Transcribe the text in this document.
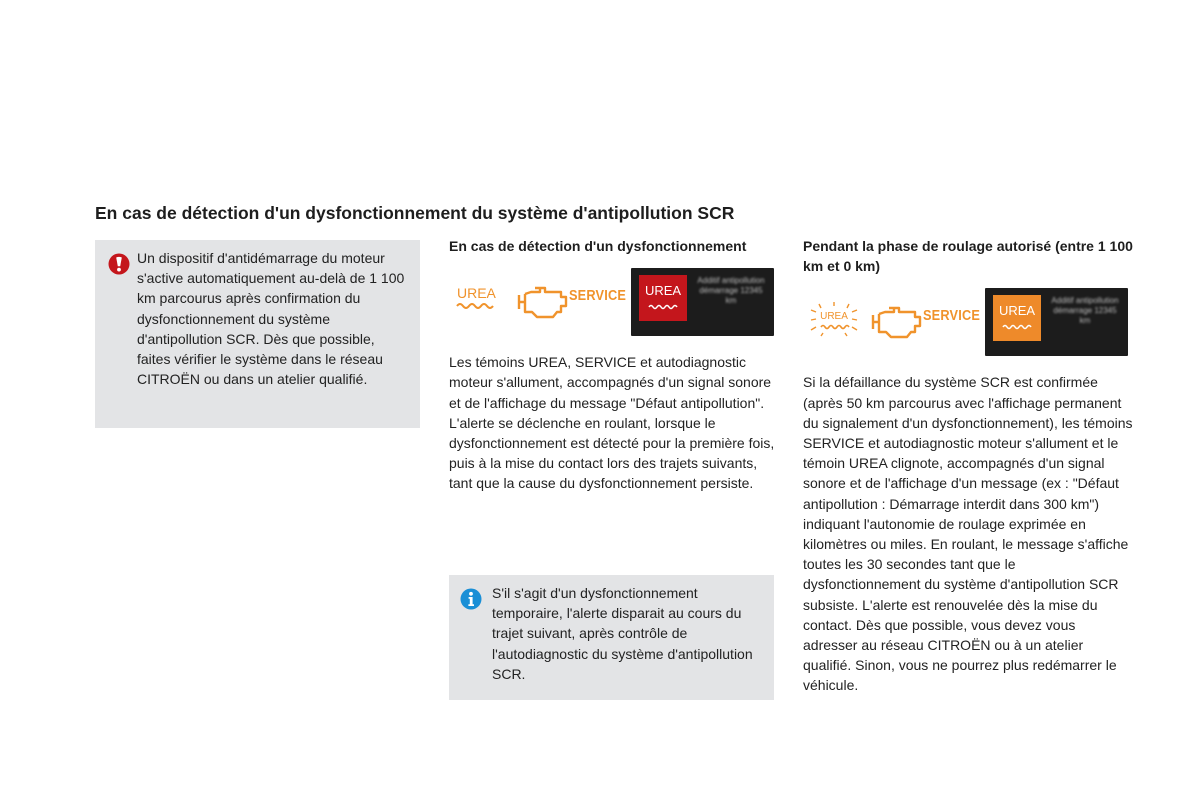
En cas de détection d'un dysfonctionnement du système d'antipollution SCR
Un dispositif d'antidémarrage du moteur s'active automatiquement au-delà de 1 100 km parcourus après confirmation du dysfonctionnement du système d'antipollution SCR. Dès que possible, faites vérifier le système dans le réseau CITROËN ou dans un atelier qualifié.
En cas de détection d'un dysfonctionnement
UREA	SERVICE UREA
Additif antipollution démarrage 12345 km

Les témoins UREA, SERVICE et autodiagnostic moteur s'allument, accompagnés d'un signal sonore et de l'affichage du message "Défaut antipollution". L'alerte se déclenche en roulant, lorsque le dysfonctionnement est détecté pour la première fois, puis à la mise du contact lors des trajets suivants, tant que la cause du dysfonctionnement persiste.

S'il s'agit d'un dysfonctionnement temporaire, l'alerte disparait au cours du trajet suivant, après contrôle de l'autodiagnostic du système d'antipollution SCR.
Pendant la phase de roulage autorisé (entre 1 100 km et 0 km)
UREA	SERVICE UREA
Additif antipollution démarrage 12345 km

Si la défaillance du système SCR est confirmée (après 50 km parcourus avec l'affichage permanent du signalement d'un dysfonctionnement), les témoins SERVICE et autodiagnostic moteur s'allument et le témoin UREA clignote, accompagnés d'un signal sonore et de l'affichage d'un message (ex : "Défaut antipollution : Démarrage interdit dans 300 km") indiquant l'autonomie de roulage exprimée en kilomètres ou miles. En roulant, le message s'affiche toutes les 30 secondes tant que le dysfonctionnement du système d'antipollution SCR subsiste. L'alerte est renouvelée dès la mise du contact. Dès que possible, vous devez vous adresser au réseau CITROËN ou à un atelier qualifié. Sinon, vous ne pourrez plus redémarrer le véhicule.
